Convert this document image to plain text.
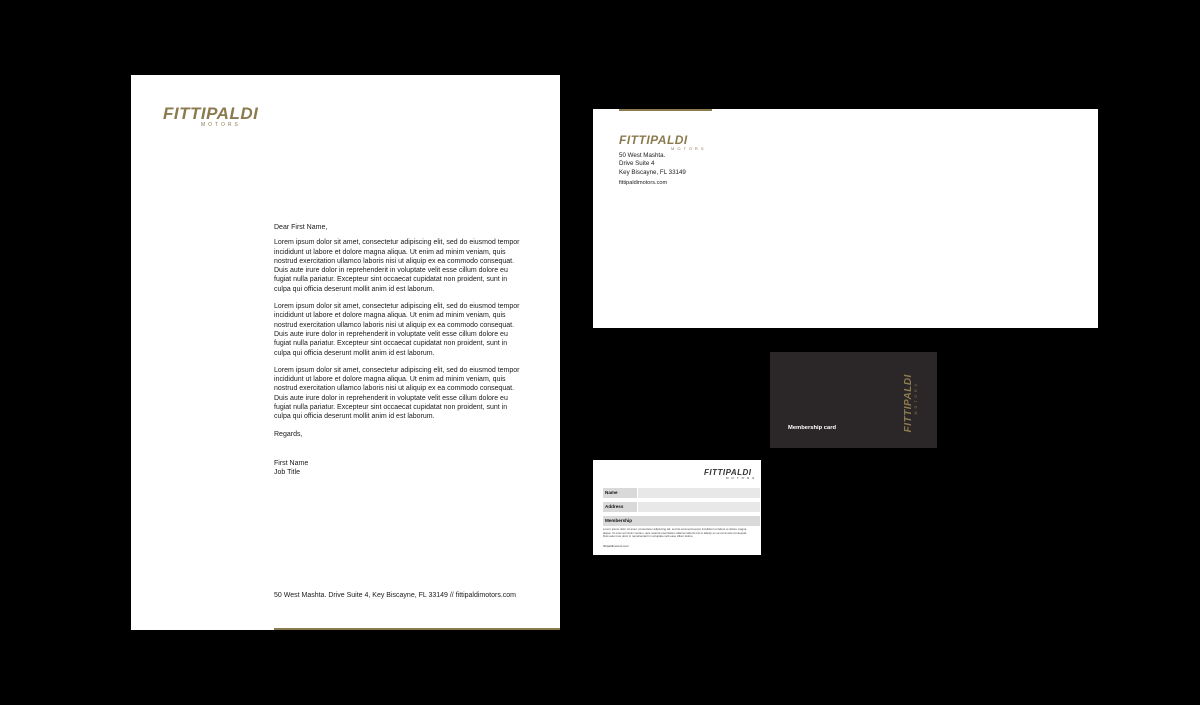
FITTIPALDI
MOTORS

Dear First Name,

Lorem ipsum dolor sit amet, consectetur adipiscing elit, sed do eiusmod tempor incididunt ut labore et dolore magna aliqua. Ut enim ad minim veniam, quis nostrud exercitation ullamco laboris nisi ut aliquip ex ea commodo consequat. Duis aute irure dolor in reprehenderit in voluptate velit esse cillum dolore eu fugiat nulla pariatur. Excepteur sint occaecat cupidatat non proident, sunt in culpa qui officia deserunt mollit anim id est laborum.

Lorem ipsum dolor sit amet, consectetur adipiscing elit, sed do eiusmod tempor incididunt ut labore et dolore magna aliqua. Ut enim ad minim veniam, quis nostrud exercitation ullamco laboris nisi ut aliquip ex ea commodo consequat. Duis aute irure dolor in reprehenderit in voluptate velit esse cillum dolore eu fugiat nulla pariatur. Excepteur sint occaecat cupidatat non proident, sunt in culpa qui officia deserunt mollit anim id est laborum.

Lorem ipsum dolor sit amet, consectetur adipiscing elit, sed do eiusmod tempor incididunt ut labore et dolore magna aliqua. Ut enim ad minim veniam, quis nostrud exercitation ullamco laboris nisi ut aliquip ex ea commodo consequat. Duis aute irure dolor in reprehenderit in voluptate velit esse cillum dolore eu fugiat nulla pariatur. Excepteur sint occaecat cupidatat non proident, sunt in culpa qui officia deserunt mollit anim id est laborum.

Regards,

First Name
Job Title
50 West Mashta. Drive Suite 4, Key Biscayne, FL 33149 // fittipaldimotors.com
FITTIPALDI
MOTORS
50 West Mashta.
Drive Suite 4
Key Biscayne, FL 33149
fittipaldimotors.com
Membership card	FITTIPALDI MOTORS
FITTIPALDI
MOTORS
Name
Address
Membership
Lorem ipsum dolor sit amet, consectetur adipiscing elit, sed do eiusmod tempor incididunt ut labore et dolore magna aliqua. Ut enim ad minim veniam, quis nostrud exercitation ullamco laboris nisi ut aliquip ex ea commodo consequat. Duis aute irure dolor in reprehenderit in voluptate velit esse cillum dolore.
fittipaldimotors.com
